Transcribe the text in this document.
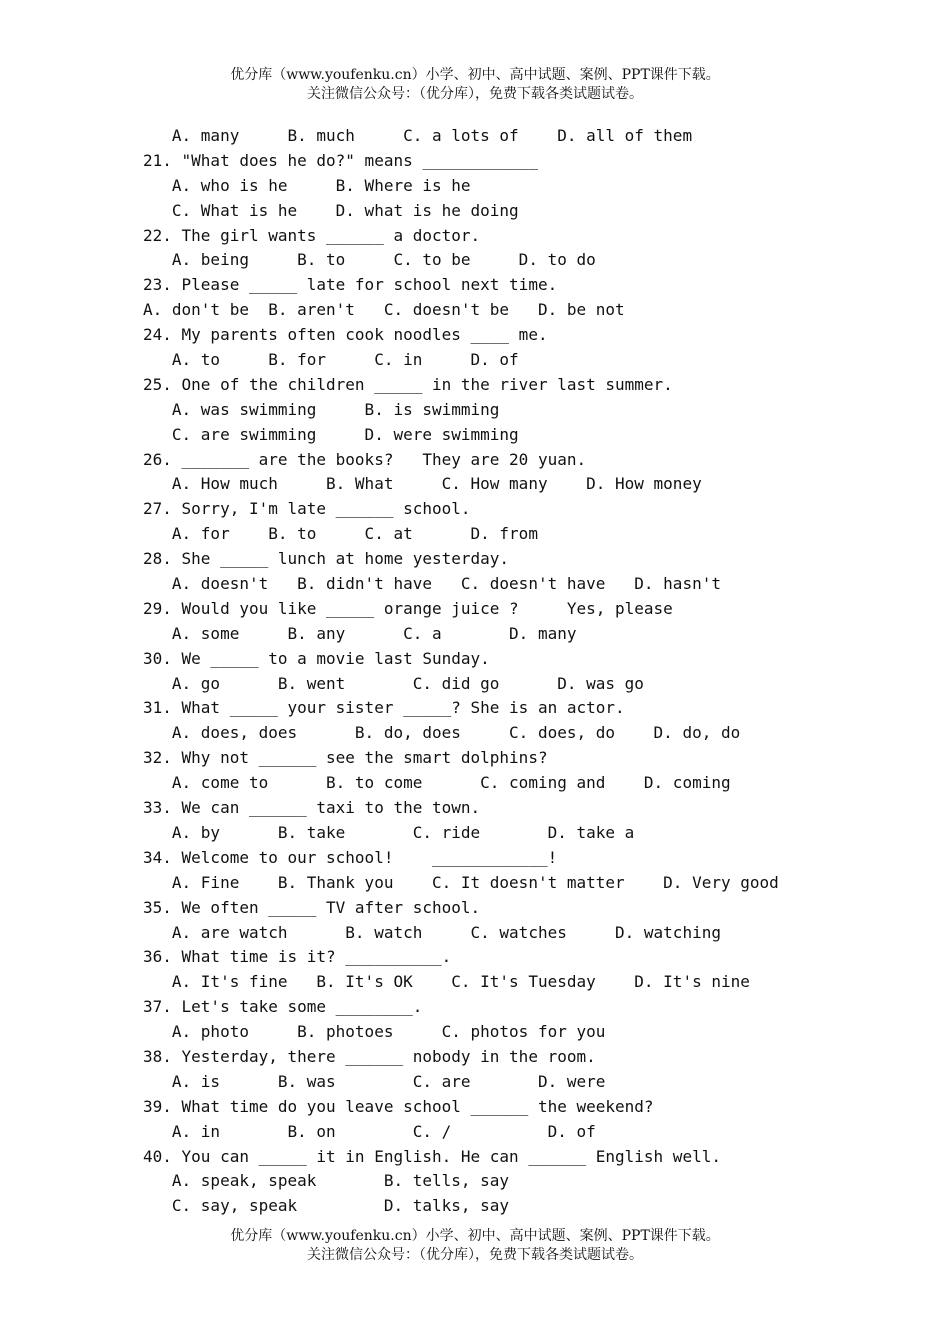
优分库（www.youfenku.cn）小学、初中、高中试题、案例、PPT课件下载。
关注微信公众号：（优分库），免费下载各类试题试卷。
A. many     B. much     C. a lots of    D. all of them
21. "What does he do?" means ____________
A. who is he     B. Where is he
C. What is he    D. what is he doing
22. The girl wants ______ a doctor.
A. being     B. to     C. to be     D. to do
23. Please _____ late for school next time.
A. don't be  B. aren't   C. doesn't be   D. be not
24. My parents often cook noodles ____ me.
A. to     B. for     C. in     D. of
25. One of the children _____ in the river last summer.
A. was swimming     B. is swimming
C. are swimming     D. were swimming
26. _______ are the books?   They are 20 yuan.
A. How much     B. What     C. How many    D. How money
27. Sorry, I'm late ______ school.
A. for    B. to     C. at      D. from
28. She _____ lunch at home yesterday.
A. doesn't   B. didn't have   C. doesn't have   D. hasn't
29. Would you like _____ orange juice ?     Yes, please
A. some     B. any      C. a       D. many
30. We _____ to a movie last Sunday.
A. go      B. went       C. did go      D. was go
31. What _____ your sister _____? She is an actor.
A. does, does      B. do, does     C. does, do    D. do, do
32. Why not ______ see the smart dolphins?
A. come to      B. to come      C. coming and    D. coming
33. We can ______ taxi to the town.
A. by      B. take       C. ride       D. take a
34. Welcome to our school!    ____________!
A. Fine    B. Thank you    C. It doesn't matter    D. Very good
35. We often _____ TV after school.
A. are watch      B. watch     C. watches     D. watching
36. What time is it? __________.
A. It's fine   B. It's OK    C. It's Tuesday    D. It's nine
37. Let's take some ________.
A. photo     B. photoes     C. photos for you
38. Yesterday, there ______ nobody in the room.
A. is      B. was        C. are       D. were
39. What time do you leave school ______ the weekend?
A. in       B. on        C. /          D. of
40. You can _____ it in English. He can ______ English well.
A. speak, speak       B. tells, say
C. say, speak         D. talks, say
优分库（www.youfenku.cn）小学、初中、高中试题、案例、PPT课件下载。
关注微信公众号：（优分库），免费下载各类试题试卷。
